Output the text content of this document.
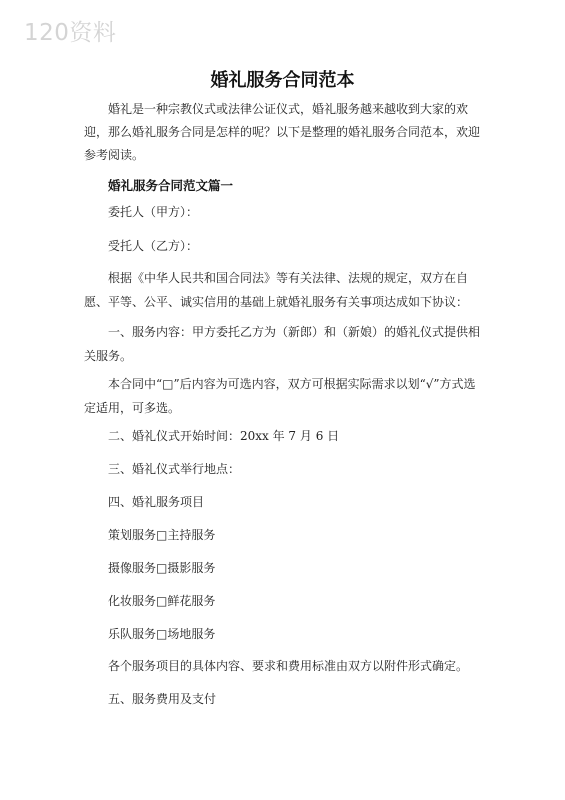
120资料
婚礼服务合同范本

婚礼是一种宗教仪式或法律公证仪式，婚礼服务越来越收到大家的欢迎，那么婚礼服务合同是怎样的呢？以下是整理的婚礼服务合同范本，欢迎参考阅读。

婚礼服务合同范文篇一

委托人（甲方）：

受托人（乙方）：

根据《中华人民共和国合同法》等有关法律、法规的规定，双方在自愿、平等、公平、诚实信用的基础上就婚礼服务有关事项达成如下协议：

一、服务内容：甲方委托乙方为（新郎）和（新娘）的婚礼仪式提供相关服务。

本合同中“□”后内容为可选内容，双方可根据实际需求以划“√”方式选定适用，可多选。

二、婚礼仪式开始时间：20xx 年 7 月 6 日

三、婚礼仪式举行地点：

四、婚礼服务项目

策划服务□主持服务

摄像服务□摄影服务

化妆服务□鲜花服务

乐队服务□场地服务

各个服务项目的具体内容、要求和费用标准由双方以附件形式确定。

五、服务费用及支付
